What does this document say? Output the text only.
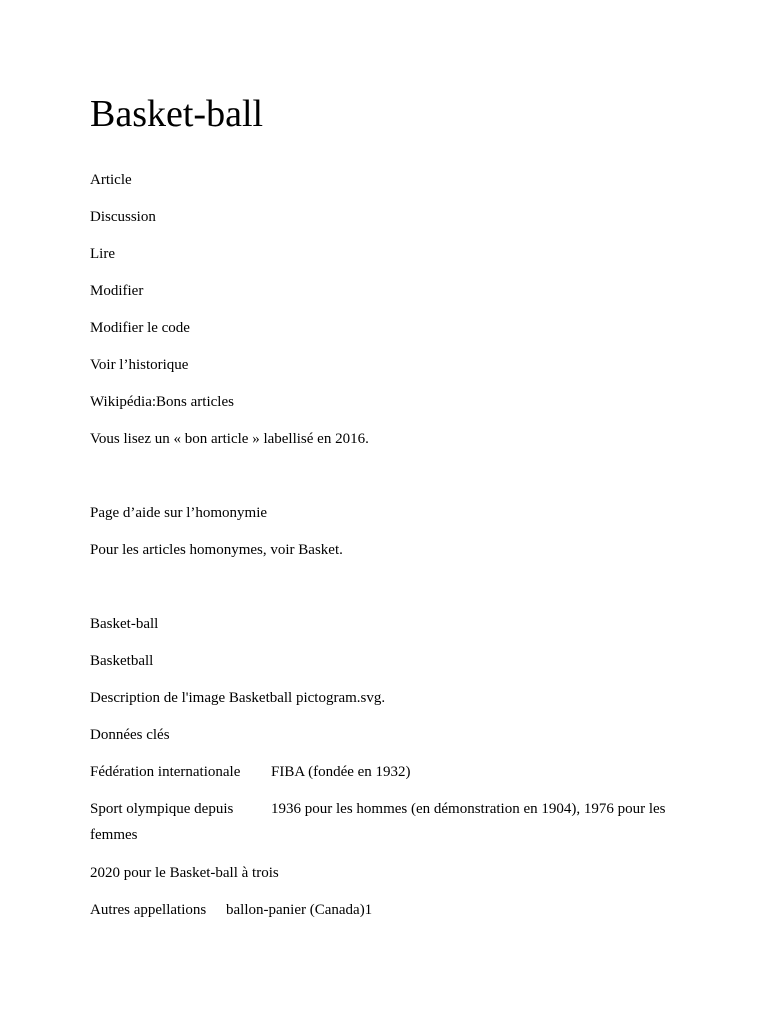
Basket-ball

Article

Discussion

Lire

Modifier

Modifier le code

Voir l’historique

Wikipédia:Bons articles

Vous lisez un « bon article » labellisé en 2016.

Page d’aide sur l’homonymie

Pour les articles homonymes, voir Basket.

Basket-ball

Basketball

Description de l'image Basketball pictogram.svg.

Données clés

Fédération internationale FIBA (fondée en 1932)

Sport olympique depuis	1936 pour les hommes (en démonstration en 1904), 1976 pour les femmes

2020 pour le Basket-ball à trois

Autres appellations ballon-panier (Canada)1
